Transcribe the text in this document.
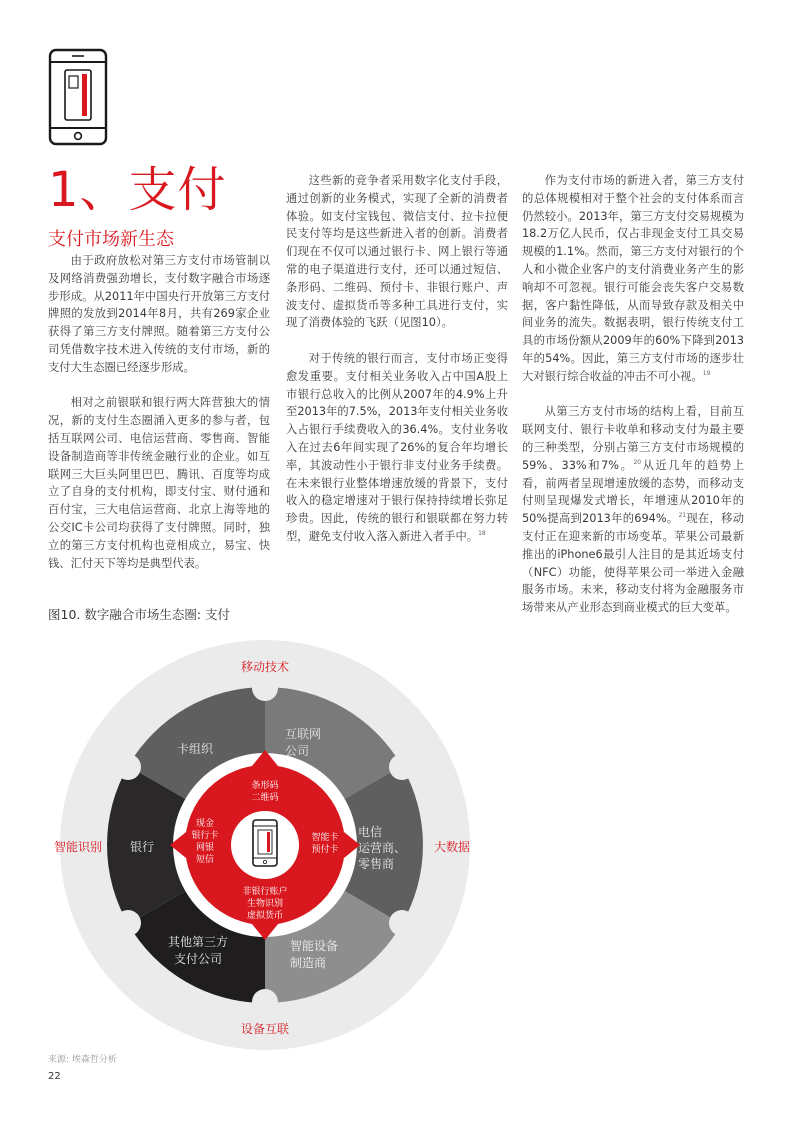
1、支付
支付市场新生态

由于政府放松对第三方支付市场管制以及网络消费强劲增长，支付数字融合市场逐步形成。从2011年中国央行开放第三方支付牌照的发放到2014年8月，共有269家企业获得了第三方支付牌照。随着第三方支付公司凭借数字技术进入传统的支付市场，新的支付大生态圈已经逐步形成。

相对之前银联和银行两大阵营独大的情况，新的支付生态圈涌入更多的参与者，包括互联网公司、电信运营商、零售商、智能设备制造商等非传统金融行业的企业。如互联网三大巨头阿里巴巴、腾讯、百度等均成立了自身的支付机构，即支付宝、财付通和百付宝，三大电信运营商、北京上海等地的公交IC卡公司均获得了支付牌照。同时，独立的第三方支付机构也竞相成立，易宝、快钱、汇付天下等均是典型代表。

这些新的竞争者采用数字化支付手段，通过创新的业务模式，实现了全新的消费者体验。如支付宝钱包、微信支付、拉卡拉便民支付等均是这些新进入者的创新。消费者们现在不仅可以通过银行卡、网上银行等通常的电子渠道进行支付，还可以通过短信、条形码、二维码、预付卡、非银行账户、声波支付、虚拟货币等多种工具进行支付，实现了消费体验的飞跃（见图10）。

对于传统的银行而言，支付市场正变得愈发重要。支付相关业务收入占中国A股上市银行总收入的比例从2007年的4.9%上升至2013年的7.5%，2013年支付相关业务收入占银行手续费收入的36.4%。支付业务收入在过去6年间实现了26%的复合年均增长率，其波动性小于银行非支付业务手续费。在未来银行业整体增速放缓的背景下，支付收入的稳定增速对于银行保持持续增长弥足珍贵。因此，传统的银行和银联都在努力转型，避免支付收入落入新进入者手中。$^{18}$

作为支付市场的新进入者，第三方支付的总体规模相对于整个社会的支付体系而言仍然较小。2013年，第三方支付交易规模为18.2万亿人民币，仅占非现金支付工具交易规模的1.1%。然而，第三方支付对银行的个人和小微企业客户的支付消费业务产生的影响却不可忽视。银行可能会丧失客户交易数据，客户黏性降低，从而导致存款及相关中间业务的流失。数据表明，银行传统支付工具的市场份额从2009年的60%下降到2013年的54%。因此，第三方支付市场的逐步壮大对银行综合收益的冲击不可小视。$^{19}$

从第三方支付市场的结构上看，目前互联网支付、银行卡收单和移动支付为最主要的三种类型，分别占第三方支付市场规模的59%、33%和7%。$^{20}$从近几年的趋势上看，前两者呈现增速放缓的态势，而移动支付则呈现爆发式增长，年增速从2010年的50%提高到2013年的694%。$^{21}$现在，移动支付正在迎来新的市场变革。苹果公司最新推出的iPhone6最引人注目的是其近场支付（NFC）功能，使得苹果公司一举进入金融服务市场。未来，移动支付将为金融服务市场带来从产业形态到商业模式的巨大变革。

图10. 数字融合市场生态圈: 支付
移动技术
智能识别	大数据
设备互联
卡组织
互联网
公司
银行
电信
运营商、
零售商
其他第三方
支付公司
智能设备
制造商
条形码
二维码
现金
银行卡
网银
短信
智能卡
预付卡
非银行账户
生物识别
虚拟货币
来源: 埃森哲分析
22
